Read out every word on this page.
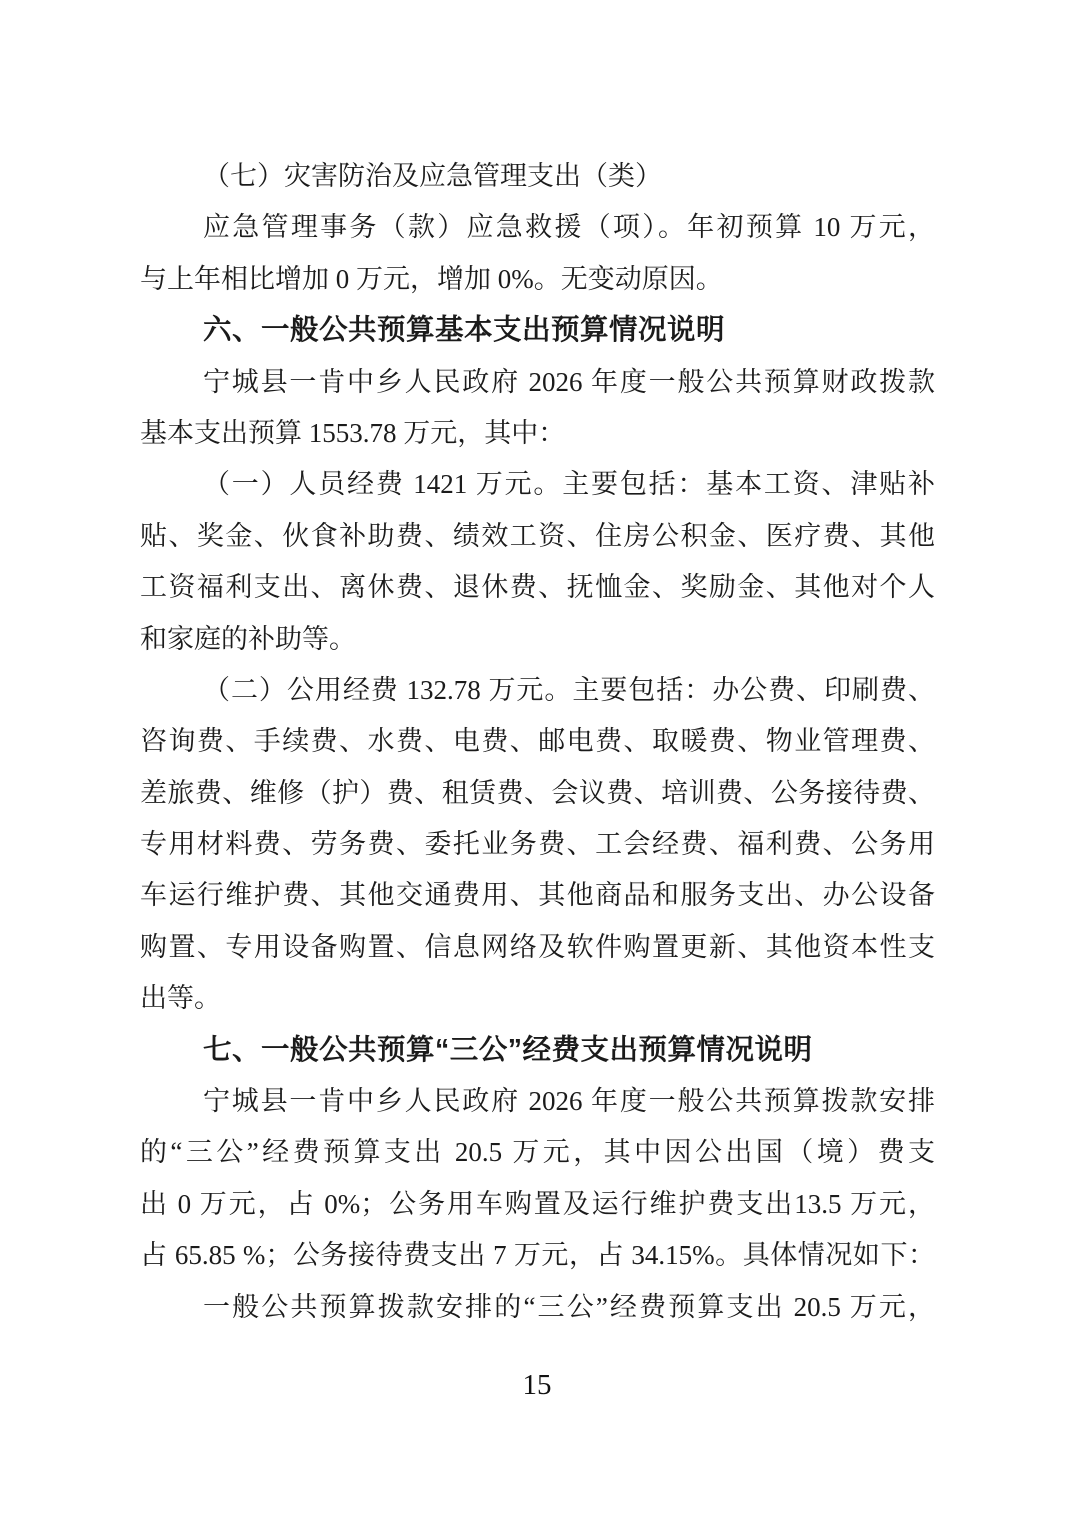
（七）灾害防治及应急管理支出（类）
应急管理事务（款）应急救援（项）。年初预算 10 万元，
与上年相比增加 0 万元，增加 0%。无变动原因。
六、一般公共预算基本支出预算情况说明
宁城县一肯中乡人民政府 2026 年度一般公共预算财政拨款
基本支出预算 1553.78 万元，其中：
（一）人员经费 1421 万元。主要包括：基本工资、津贴补
贴、奖金、伙食补助费、绩效工资、住房公积金、医疗费、其他
工资福利支出、离休费、退休费、抚恤金、奖励金、其他对个人
和家庭的补助等。
（二）公用经费 132.78 万元。主要包括：办公费、印刷费、
咨询费、手续费、水费、电费、邮电费、取暖费、物业管理费、
差旅费、维修（护）费、租赁费、会议费、培训费、公务接待费、
专用材料费、劳务费、委托业务费、工会经费、福利费、公务用
车运行维护费、其他交通费用、其他商品和服务支出、办公设备
购置、专用设备购置、信息网络及软件购置更新、其他资本性支
出等。
七、一般公共预算“三公”经费支出预算情况说明
宁城县一肯中乡人民政府 2026 年度一般公共预算拨款安排
的“三公”经费预算支出 20.5 万元，其中因公出国（境）费支
出 0 万元，占 0%；公务用车购置及运行维护费支出13.5 万元，
占 65.85 %；公务接待费支出 7 万元，占 34.15%。具体情况如下：
一般公共预算拨款安排的“三公”经费预算支出 20.5 万元，
15
